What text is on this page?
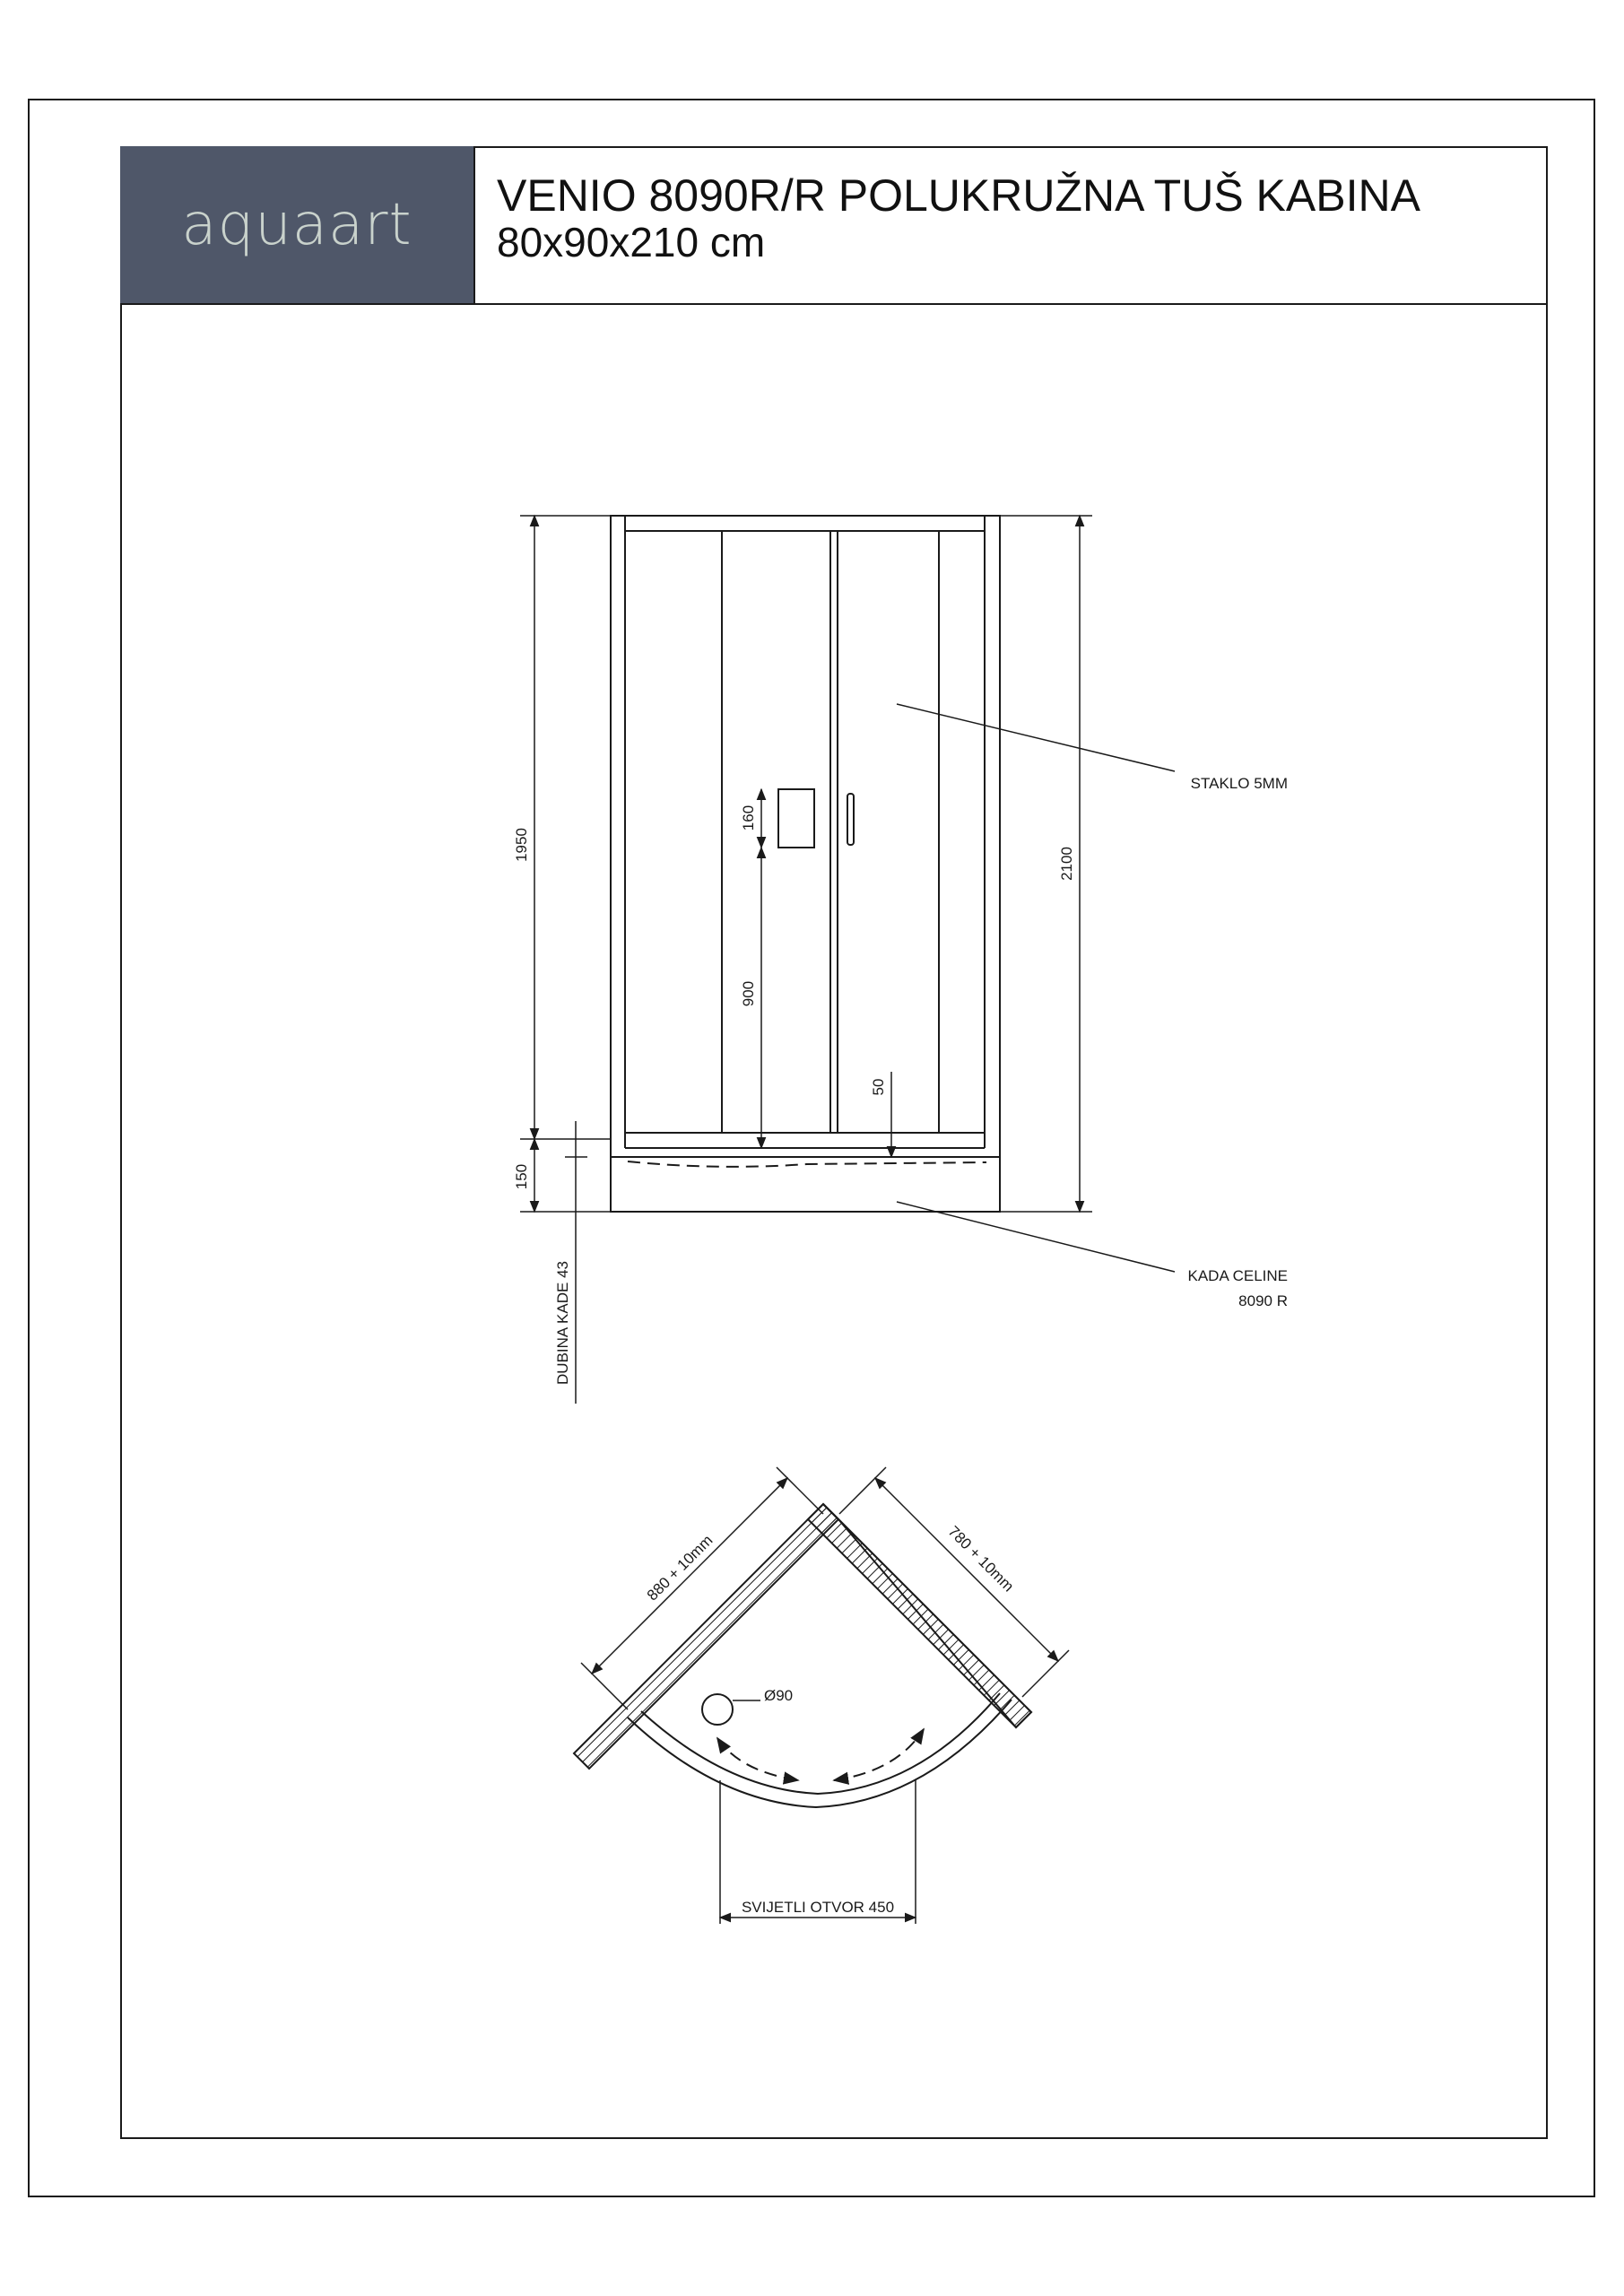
aquaart VENIO 8090R/R POLUKRUŽNA TUŠ KABINA
80x90x210 cm
1950
150
2100
160
900
50
DUBINA KADE 43
STAKLO 5MM
KADA CELINE
8090 R
880 + 10mm	780 + 10mm
Ø90
SVIJETLI OTVOR 450
